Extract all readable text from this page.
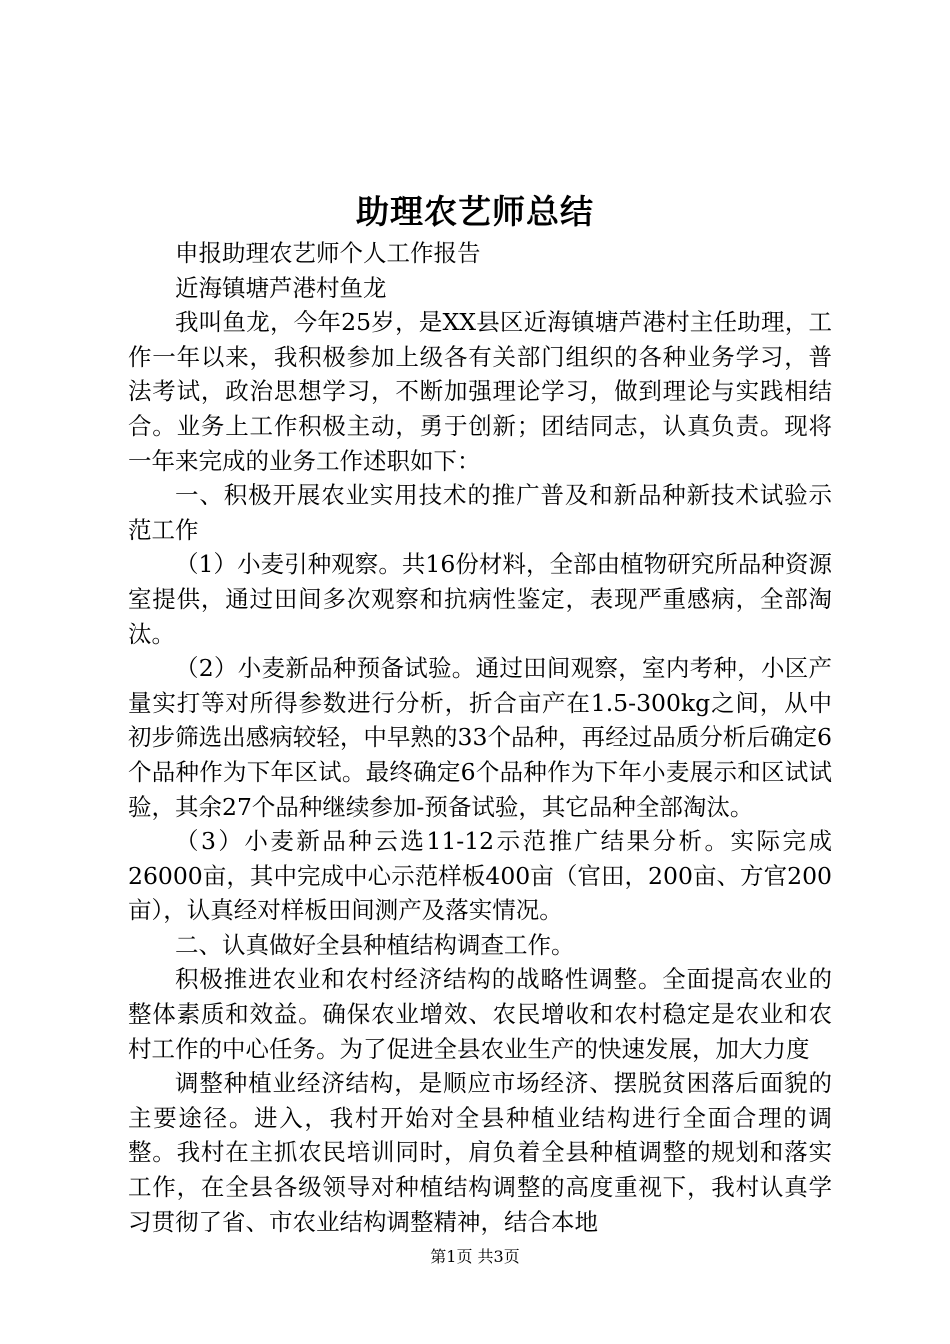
助理农艺师总结

申报助理农艺师个人工作报告

近海镇塘芦港村鱼龙

我叫鱼龙，今年25岁，是XX县区近海镇塘芦港村主任助理，工作一年以来，我积极参加上级各有关部门组织的各种业务学习，普法考试，政治思想学习，不断加强理论学习，做到理论与实践相结合。业务上工作积极主动，勇于创新；团结同志，认真负责。现将一年来完成的业务工作述职如下：

一、积极开展农业实用技术的推广普及和新品种新技术试验示范工作

（1）小麦引种观察。共16份材料，全部由植物研究所品种资源室提供，通过田间多次观察和抗病性鉴定，表现严重感病，全部淘汰。

（2）小麦新品种预备试验。通过田间观察，室内考种，小区产量实打等对所得参数进行分析，折合亩产在1.5-300kg之间，从中初步筛选出感病较轻，中早熟的33个品种，再经过品质分析后确定6个品种作为下年区试。最终确定6个品种作为下年小麦展示和区试试验，其余27个品种继续参加-预备试验，其它品种全部淘汰。

（3）小麦新品种云选11-12示范推广结果分析。实际完成26000亩，其中完成中心示范样板400亩（官田，200亩、方官200亩），认真经对样板田间测产及落实情况。

二、认真做好全县种植结构调查工作。

积极推进农业和农村经济结构的战略性调整。全面提高农业的整体素质和效益。确保农业增效、农民增收和农村稳定是农业和农村工作的中心任务。为了促进全县农业生产的快速发展，加大力度

调整种植业经济结构，是顺应市场经济、摆脱贫困落后面貌的主要途径。进入，我村开始对全县种植业结构进行全面合理的调整。我村在主抓农民培训同时，肩负着全县种植调整的规划和落实工作，在全县各级领导对种植结构调整的高度重视下，我村认真学习贯彻了省、市农业结构调整精神，结合本地

第1页 共3页
